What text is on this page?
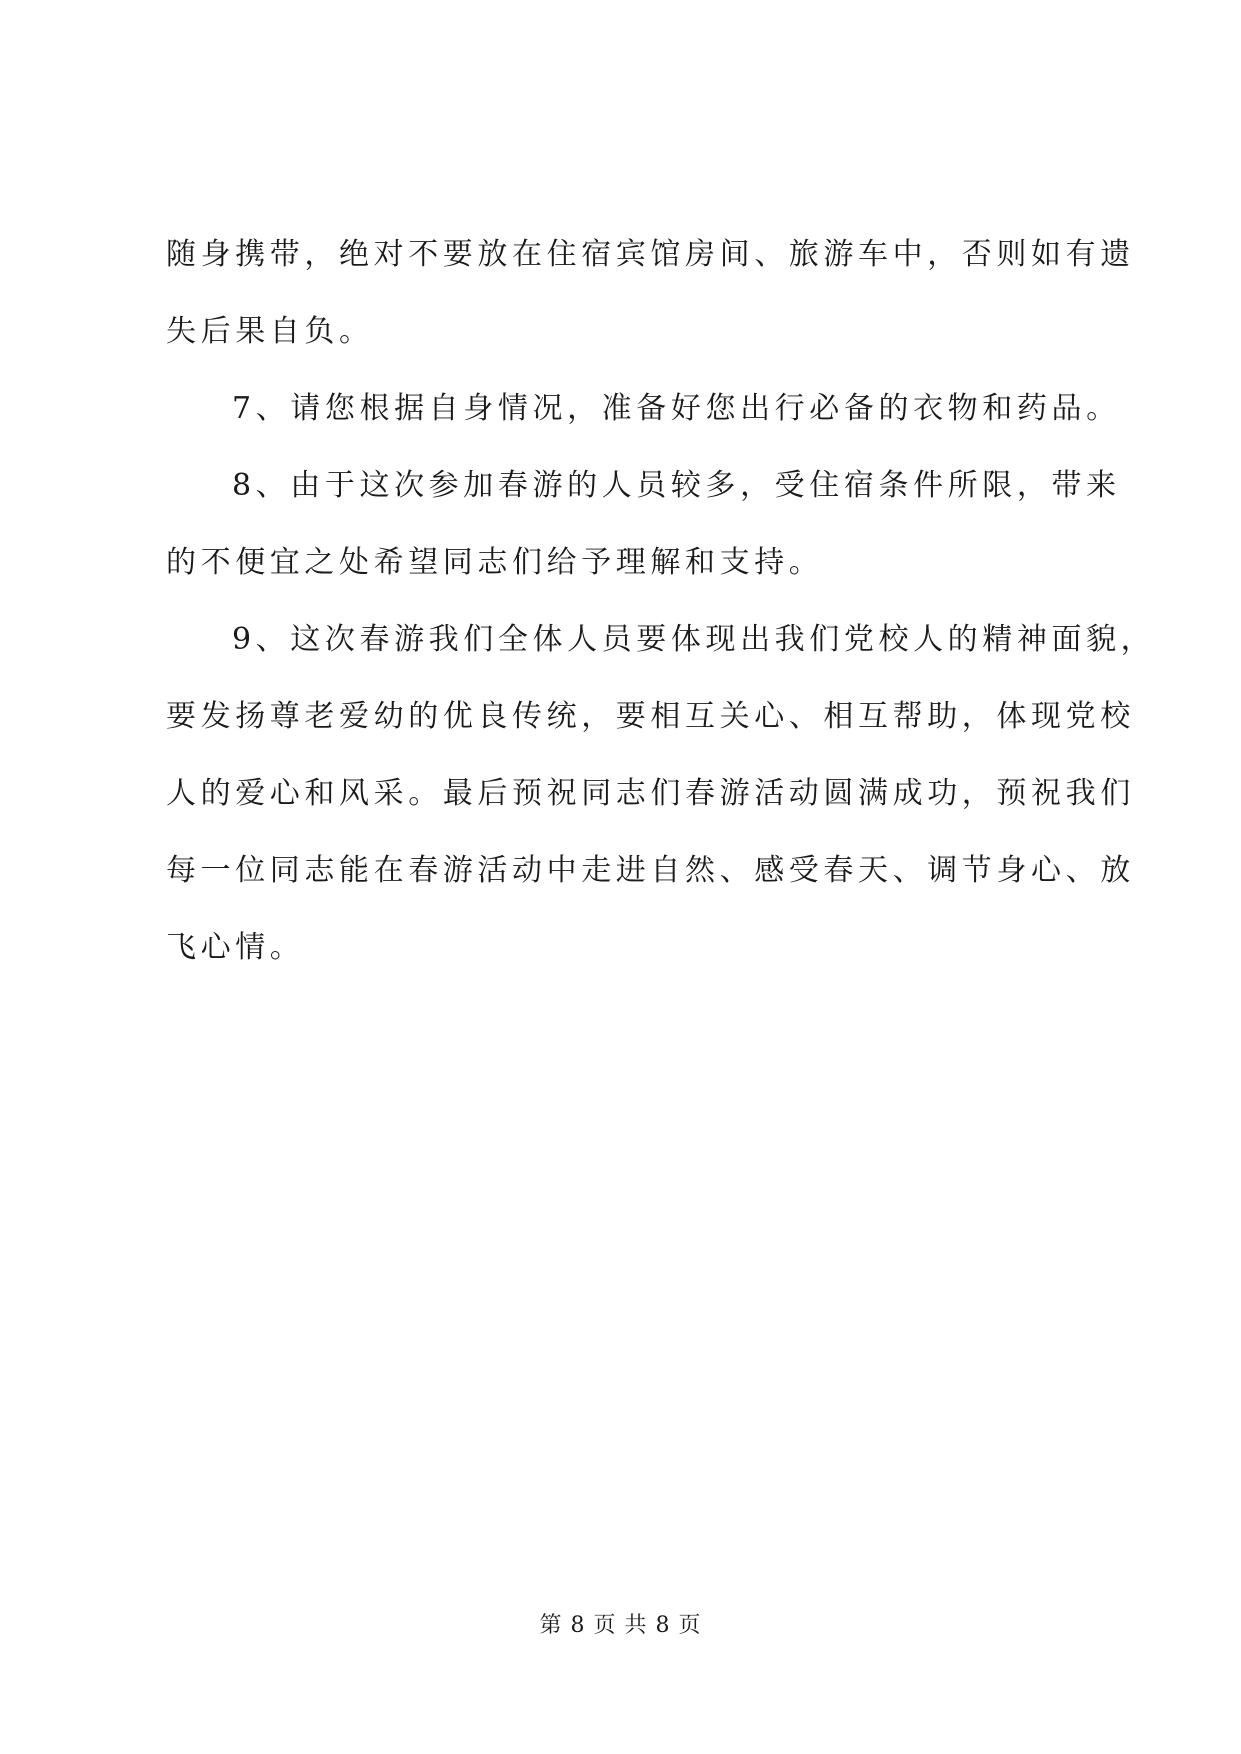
随身携带，绝对不要放在住宿宾馆房间、旅游车中，否则如有遗
失后果自负。
7、请您根据自身情况，准备好您出行必备的衣物和药品。
8、由于这次参加春游的人员较多，受住宿条件所限，带来
的不便宜之处希望同志们给予理解和支持。
9、这次春游我们全体人员要体现出我们党校人的精神面貌，
要发扬尊老爱幼的优良传统，要相互关心、相互帮助，体现党校
人的爱心和风采。最后预祝同志们春游活动圆满成功，预祝我们
每一位同志能在春游活动中走进自然、感受春天、调节身心、放
飞心情。
第 8 页 共 8 页
